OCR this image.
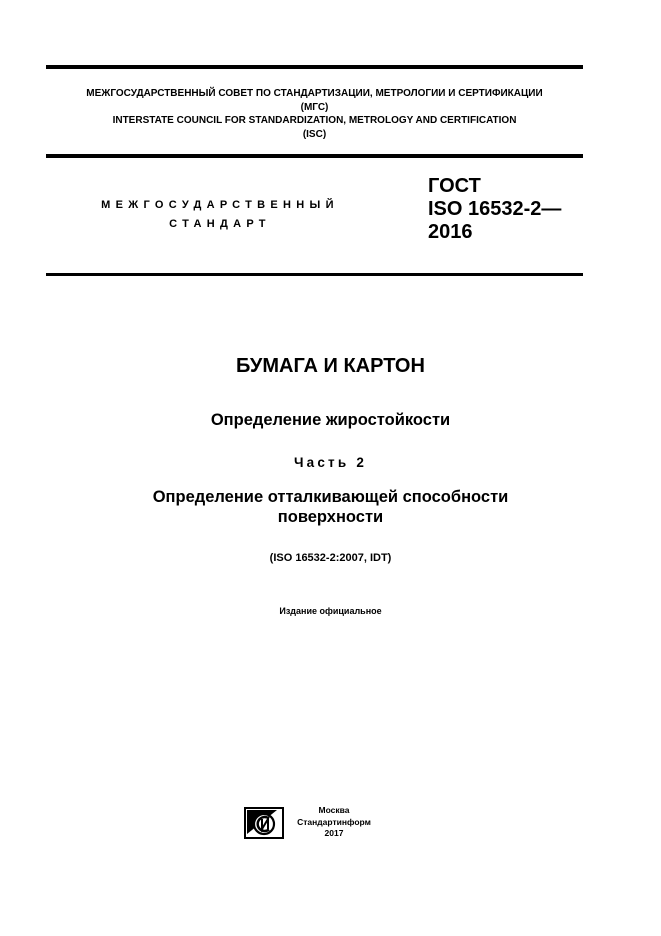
МЕЖГОСУДАРСТВЕННЫЙ СОВЕТ ПО СТАНДАРТИЗАЦИИ, МЕТРОЛОГИИ И СЕРТИФИКАЦИИ
(МГС)
INTERSTATE COUNCIL FOR STANDARDIZATION, METROLOGY AND CERTIFICATION
(ISC)
МЕЖГОСУДАРСТВЕННЫЙ
СТАНДАРТ
ГОСТ
ISO 16532-2—
2016
БУМАГА И КАРТОН
Определение жиростойкости
Часть 2
Определение отталкивающей способности
поверхности
(ISO 16532-2:2007, IDT)
Издание официальное
Москва
Стандартинформ
2017
